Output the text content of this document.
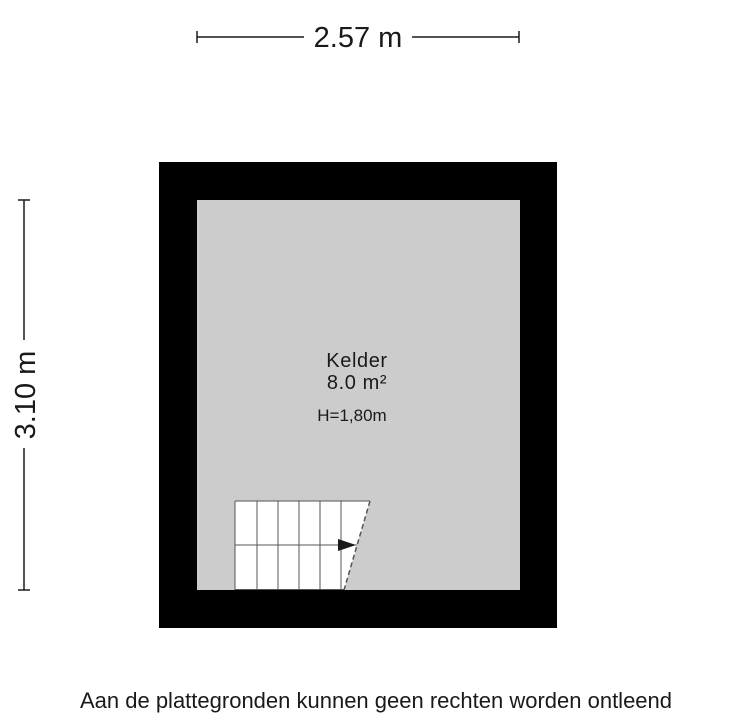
2.57 m
3.10 m	Kelder
8.0 m²
H=1,80m
Aan de plattegronden kunnen geen rechten worden ontleend
